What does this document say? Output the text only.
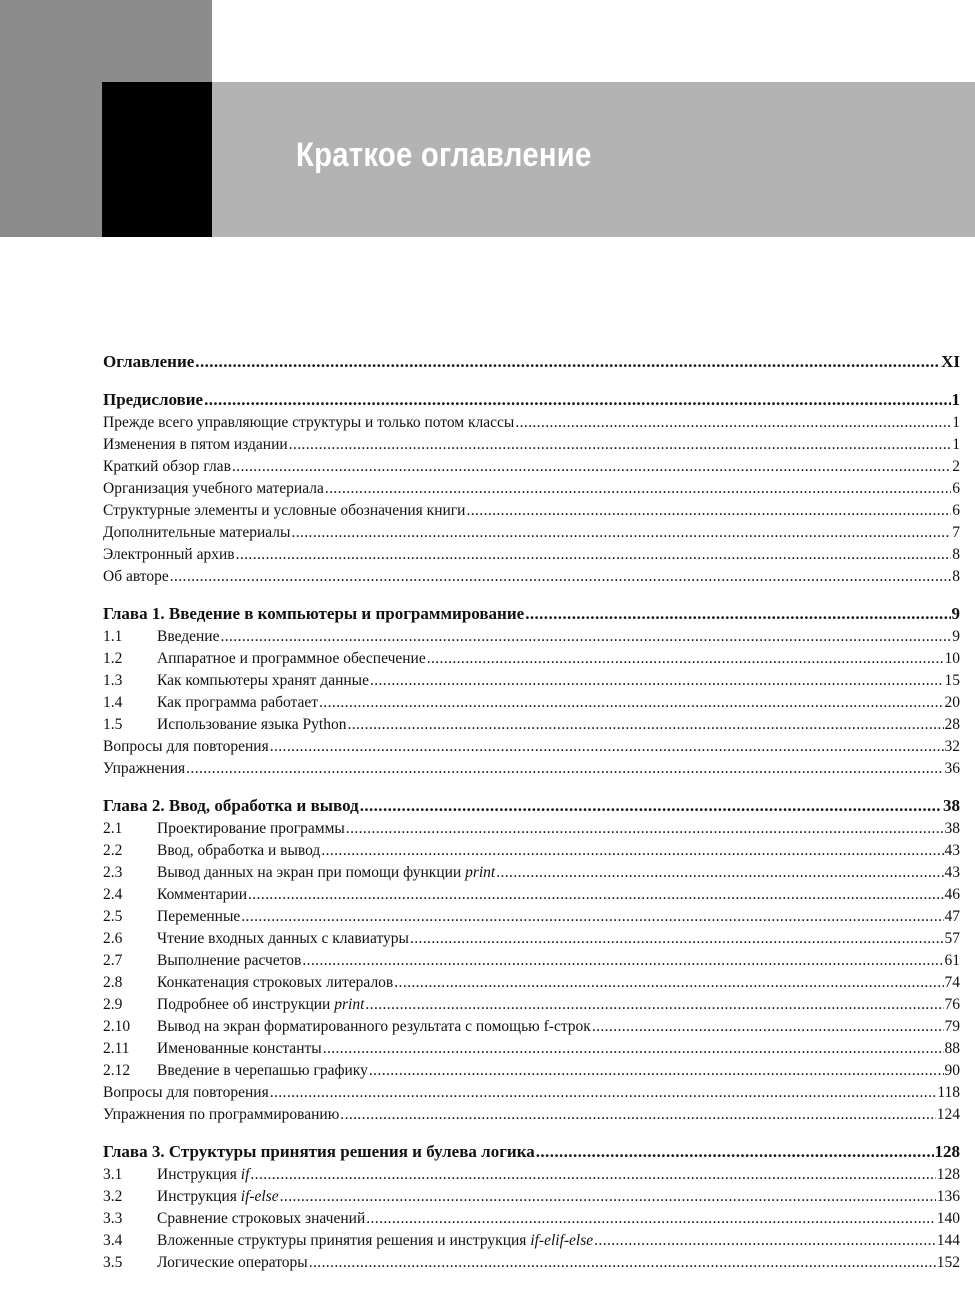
Краткое оглавление
Оглавление .....	XI
Предисловие .....	1
Прежде всего управляющие структуры и только потом классы .....	1
Изменения в пятом издании .....	1
Краткий обзор глав .....	2
Организация учебного материала .....	6
Структурные элементы и условные обозначения книги .....	6
Дополнительные материалы .....	7
Электронный архив .....	8
Об авторе .....	8
Глава 1. Введение в компьютеры и программирование .....	9
1.1	Введение .....	9
1.2	Аппаратное и программное обеспечение .....	10
1.3	Как компьютеры хранят данные .....	15
1.4	Как программа работает .....	20
1.5	Использование языка Python .....	28
Вопросы для повторения .....	32
Упражнения .....	36
Глава 2. Ввод, обработка и вывод .....	38
2.1	Проектирование программы .....	38
2.2	Ввод, обработка и вывод .....	43
2.3	Вывод данных на экран при помощи функции print .....	43
2.4	Комментарии .....	46
2.5	Переменные .....	47
2.6	Чтение входных данных с клавиатуры .....	57
2.7	Выполнение расчетов .....	61
2.8	Конкатенация строковых литералов .....	74
2.9	Подробнее об инструкции print .....	76
2.10	Вывод на экран форматированного результата с помощью f-строк .....	79
2.11	Именованные константы .....	88
2.12	Введение в черепашью графику .....	90
Вопросы для повторения .....	118
Упражнения по программированию .....	124
Глава 3. Структуры принятия решения и булева логика .....	128
3.1	Инструкция if .....	128
3.2	Инструкция if-else .....	136
3.3	Сравнение строковых значений .....	140
3.4	Вложенные структуры принятия решения и инструкция if-elif-else .....	144
3.5	Логические операторы .....	152
